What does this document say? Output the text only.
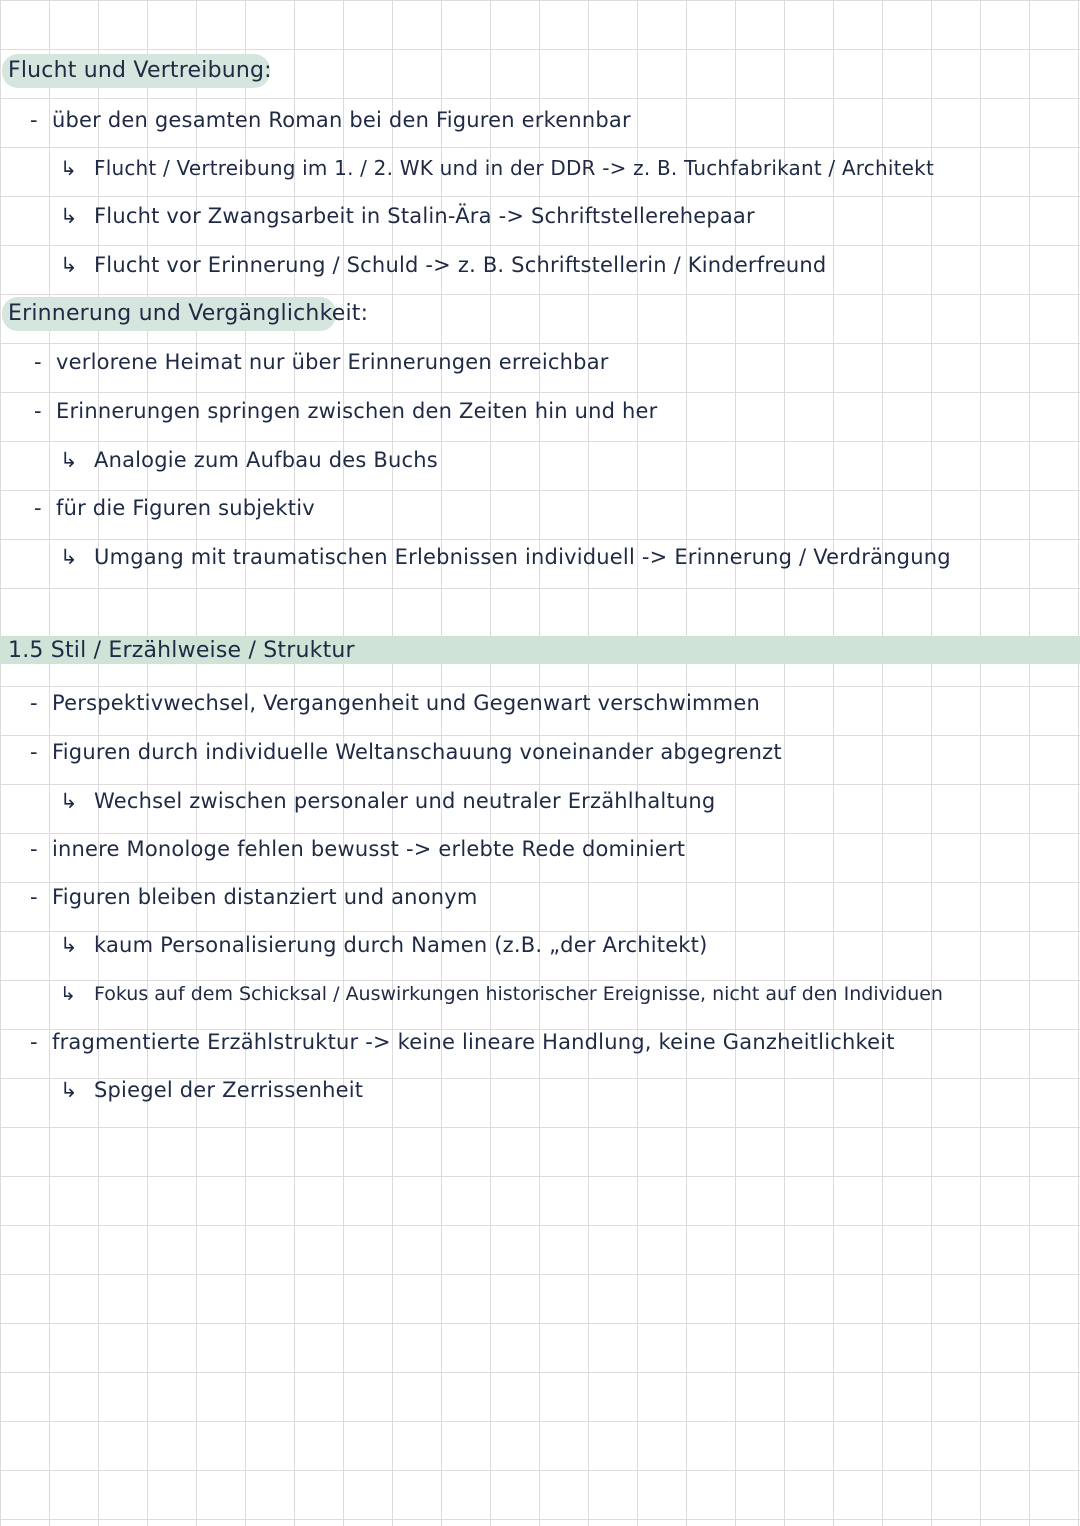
Flucht und Vertreibung:
- über den gesamten Roman bei den Figuren erkennbar
↳ Flucht / Vertreibung im 1. / 2. WK und in der DDR -> z. B. Tuchfabrikant / Architekt
↳ Flucht vor Zwangsarbeit in Stalin-Ära -> Schriftstellerehepaar
↳ Flucht vor Erinnerung / Schuld -> z. B. Schriftstellerin / Kinderfreund
Erinnerung und Vergänglichkeit:
- verlorene Heimat nur über Erinnerungen erreichbar
- Erinnerungen springen zwischen den Zeiten hin und her
↳ Analogie zum Aufbau des Buchs
- für die Figuren subjektiv
↳ Umgang mit traumatischen Erlebnissen individuell -> Erinnerung / Verdrängung
1.5 Stil / Erzählweise / Struktur
- Perspektivwechsel, Vergangenheit und Gegenwart verschwimmen
- Figuren durch individuelle Weltanschauung voneinander abgegrenzt
↳ Wechsel zwischen personaler und neutraler Erzählhaltung
- innere Monologe fehlen bewusst -> erlebte Rede dominiert
- Figuren bleiben distanziert und anonym
↳ kaum Personalisierung durch Namen (z.B. „der Architekt)
↳ Fokus auf dem Schicksal / Auswirkungen historischer Ereignisse, nicht auf den Individuen
- fragmentierte Erzählstruktur -> keine lineare Handlung, keine Ganzheitlichkeit
↳ Spiegel der Zerrissenheit
